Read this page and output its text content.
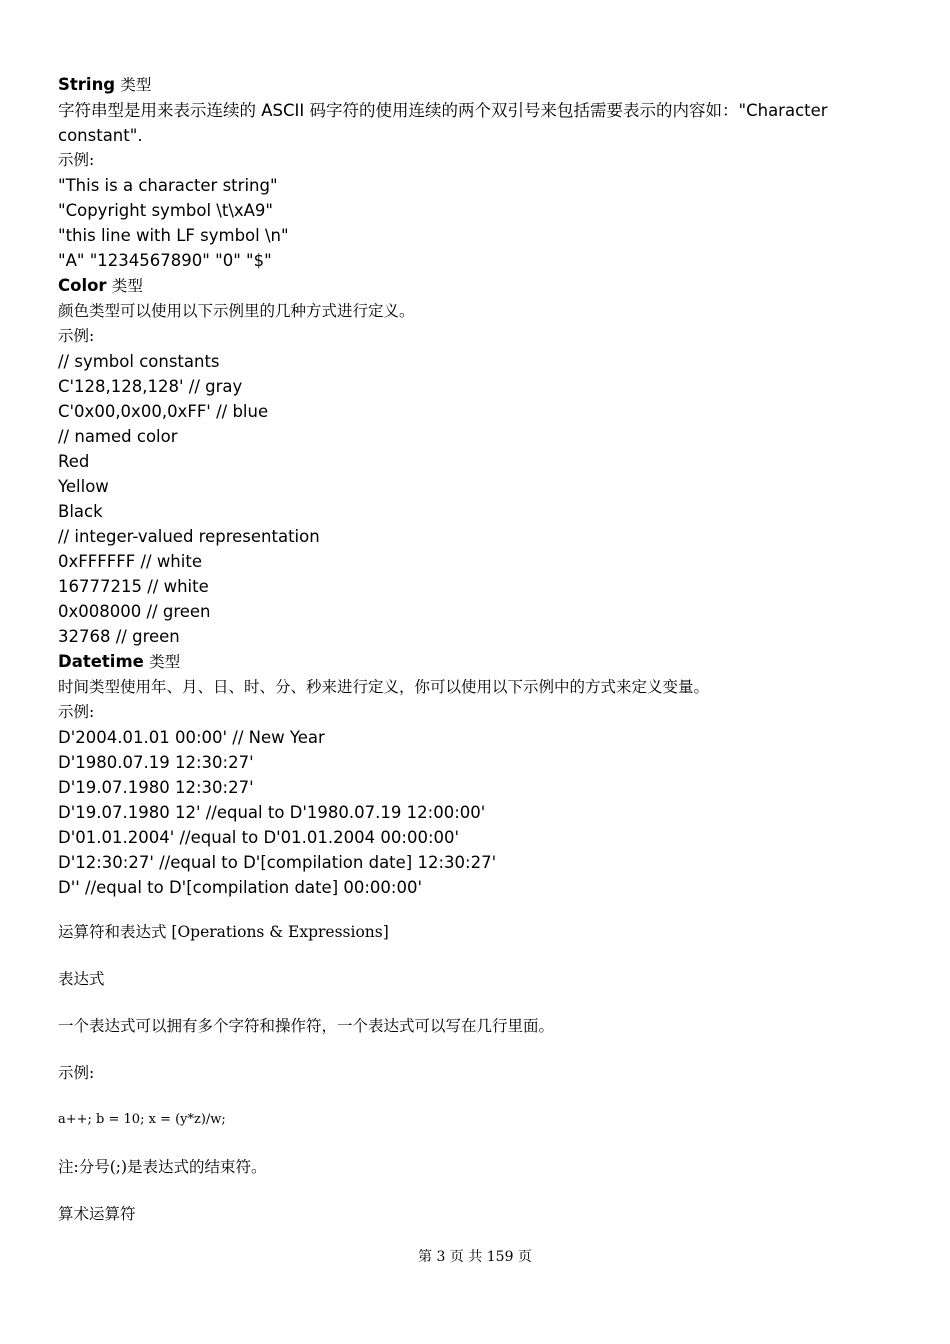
String 类型
字符串型是用来表示连续的 ASCII 码字符的使用连续的两个双引号来包括需要表示的内容如："Character constant".
示例:
"This is a character string"
"Copyright symbol \t\xA9"
"this line with LF symbol \n"
"A" "1234567890" "0" "$"
Color 类型
颜色类型可以使用以下示例里的几种方式进行定义。
示例:
// symbol constants
C'128,128,128' // gray
C'0x00,0x00,0xFF' // blue
// named color
Red
Yellow
Black
// integer-valued representation
0xFFFFFF // white
16777215 // white
0x008000 // green
32768 // green
Datetime 类型
时间类型使用年、月、日、时、分、秒来进行定义，你可以使用以下示例中的方式来定义变量。
示例:
D'2004.01.01 00:00' // New Year
D'1980.07.19 12:30:27'
D'19.07.1980 12:30:27'
D'19.07.1980 12' //equal to D'1980.07.19 12:00:00'
D'01.01.2004' //equal to D'01.01.2004 00:00:00'
D'12:30:27' //equal to D'[compilation date] 12:30:27'
D'' //equal to D'[compilation date] 00:00:00'
运算符和表达式 [Operations & Expressions]
表达式
一个表达式可以拥有多个字符和操作符，一个表达式可以写在几行里面。
示例:
a++; b = 10; x = (y*z)/w;
注:分号(;)是表达式的结束符。
算术运算符
第 3 页 共 159 页
